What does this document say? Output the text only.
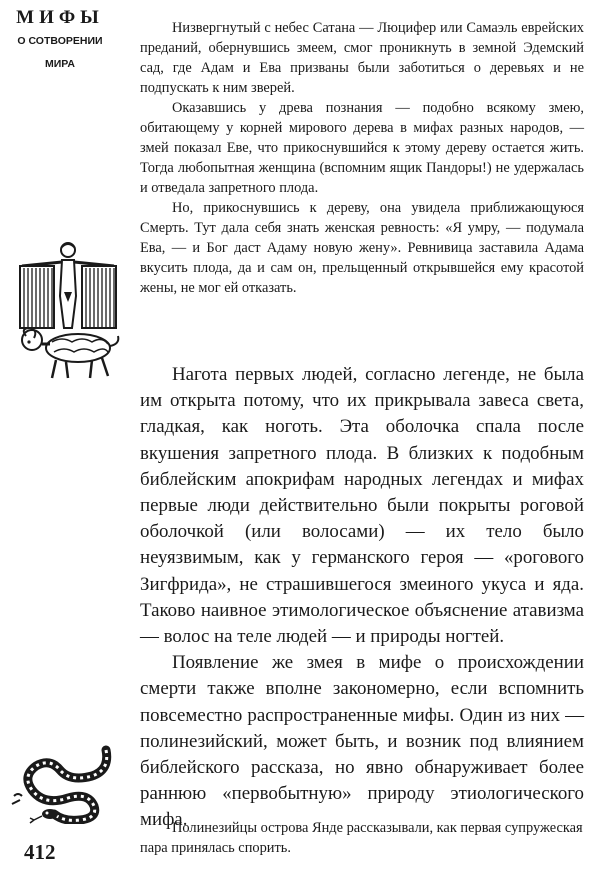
МИФЫ
О СОТВОРЕНИИ
МИРА

Низвергнутый с небес Сатана — Люцифер или Самаэль еврейских преданий, обернувшись змеем, смог проникнуть в земной Эдемский сад, где Адам и Ева призваны были заботиться о деревьях и не подпускать к ним зверей.

Оказавшись у древа познания — подобно всякому змею, обитающему у корней мирового дерева в мифах разных народов, — змей показал Еве, что прикоснувшийся к этому дереву остается жить. Тогда любопытная женщина (вспомним ящик Пандоры!) не удержалась и отведала запретного плода.

Но, прикоснувшись к дереву, она увидела приближающуюся Смерть. Тут дала себя знать женская ревность: «Я умру, — подумала Ева, — и Бог даст Адаму новую жену». Ревнивица заставила Адама вкусить плода, да и сам он, прельщенный открывшейся ему красотой жены, не мог ей отказать.

Нагота первых людей, согласно легенде, не была им открыта потому, что их прикрывала завеса света, гладкая, как ноготь. Эта оболочка спала после вкушения запретного плода. В близких к подобным библейским апокрифам народных легендах и мифах первые люди действительно были покрыты роговой оболочкой (или волосами) — их тело было неуязвимым, как у германского героя — «рогового Зигфрида», не страшившегося змеиного укуса и яда. Таково наивное этимологическое объяснение атавизма — волос на теле людей — и природы ногтей.

Появление же змея в мифе о происхождении смерти также вполне закономерно, если вспомнить повсеместно распространенные мифы. Один из них — полинезийский, может быть, и возник под влиянием библейского рассказа, но явно обнаруживает более раннюю «первобытную» природу этиологического мифа.

Полинезийцы острова Янде рассказывали, как первая супружеская пара принялась спорить.

412
